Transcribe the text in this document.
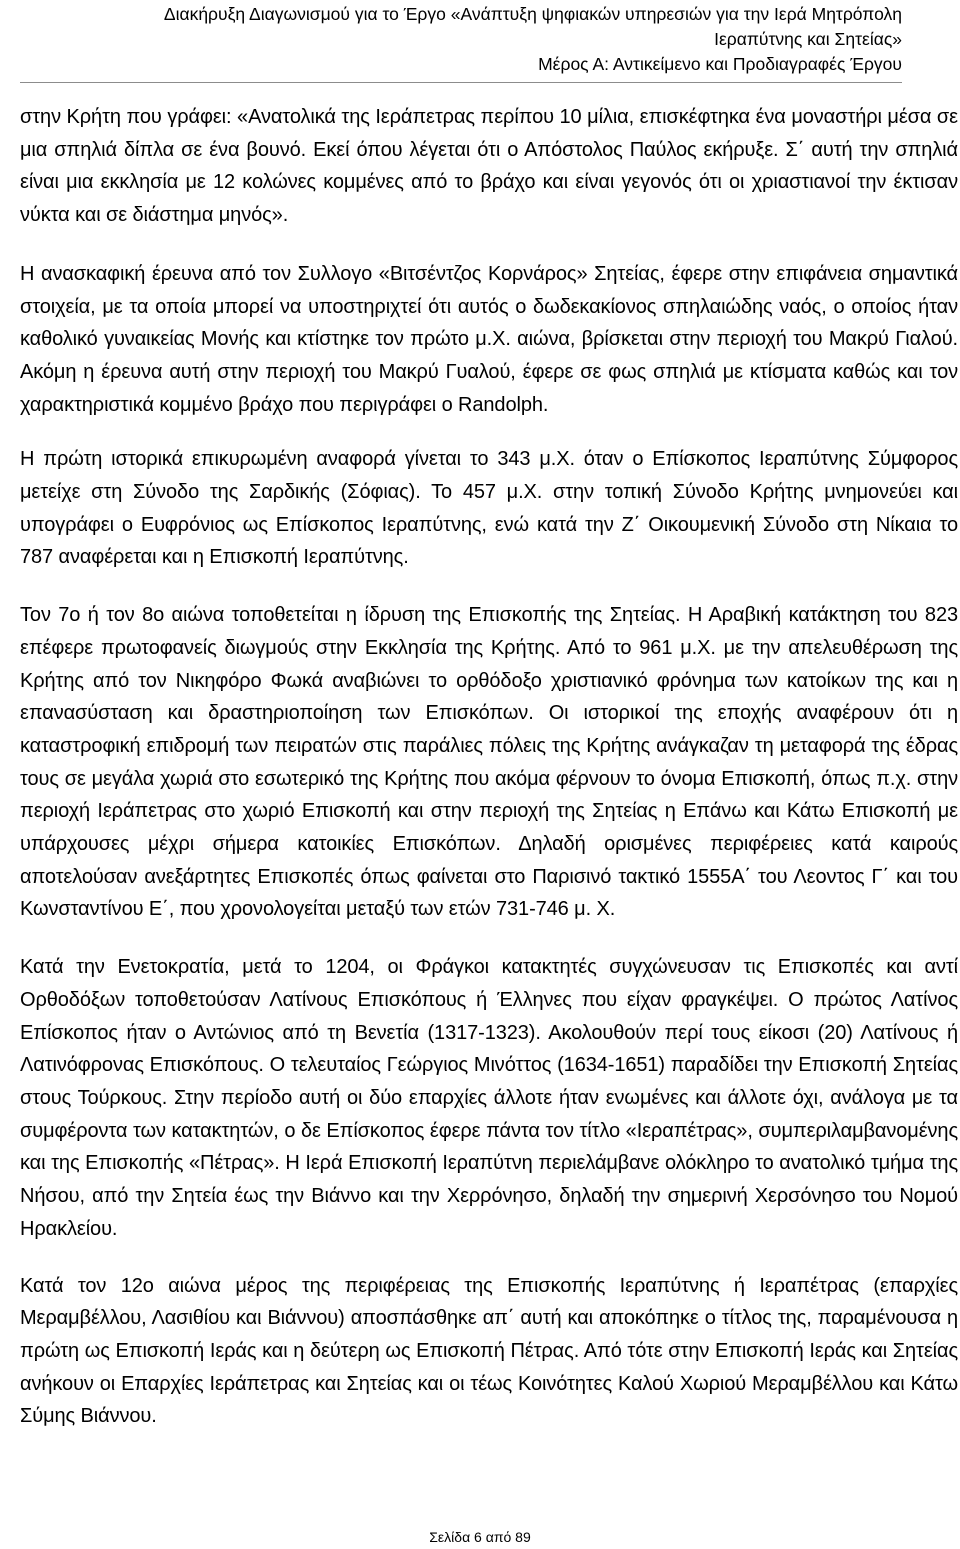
Διακήρυξη Διαγωνισμού για το Έργο «Ανάπτυξη ψηφιακών υπηρεσιών για την Ιερά Μητρόπολη
Ιεραπύτνης και Σητείας»
Μέρος Α: Αντικείμενο και Προδιαγραφές Έργου

στην Κρήτη που γράφει: «Ανατολικά της Ιεράπετρας περίπου 10 μίλια, επισκέφτηκα ένα μοναστήρι μέσα σε μια σπηλιά δίπλα σε ένα βουνό. Εκεί όπου λέγεται ότι ο Απόστολος Παύλος εκήρυξε. Σ΄ αυτή την σπηλιά είναι μια εκκλησία με 12 κολώνες κομμένες από το βράχο και είναι γεγονός ότι οι χριαστιανοί την έκτισαν νύκτα και σε διάστημα μηνός».

Η ανασκαφική έρευνα από τον Συλλογο «Βιτσέντζος Κορνάρος» Σητείας, έφερε στην επιφάνεια σημαντικά στοιχεία, με τα οποία μπορεί να υποστηριχτεί ότι αυτός ο δωδεκακίονος σπηλαιώδης ναός, ο οποίος ήταν καθολικό γυναικείας Μονής και κτίστηκε τον πρώτο μ.Χ. αιώνα, βρίσκεται στην περιοχή του Μακρύ Γιαλού. Ακόμη η έρευνα αυτή στην περιοχή του Μακρύ Γυαλού, έφερε σε φως σπηλιά με κτίσματα καθώς και τον χαρακτηριστικά κομμένο βράχο που περιγράφει ο Randolph.

Η πρώτη ιστορικά επικυρωμένη αναφορά γίνεται το 343 μ.Χ. όταν ο Επίσκοπος Ιεραπύτνης Σύμφορος μετείχε στη Σύνοδο της Σαρδικής (Σόφιας). Το 457 μ.Χ. στην τοπική Σύνοδο Κρήτης μνημονεύει και υπογράφει ο Ευφρόνιος ως Επίσκοπος Ιεραπύτνης, ενώ κατά την Ζ΄ Οικουμενική Σύνοδο στη Νίκαια το 787 αναφέρεται και η Επισκοπή Ιεραπύτνης.

Τον 7ο ή τον 8ο αιώνα τοποθετείται η ίδρυση της Επισκοπής της Σητείας. Η Αραβική κατάκτηση του 823 επέφερε πρωτοφανείς διωγμούς στην Εκκλησία της Κρήτης. Από το 961 μ.Χ. με την απελευθέρωση της Κρήτης από τον Νικηφόρο Φωκά αναβιώνει το ορθόδοξο χριστιανικό φρόνημα των κατοίκων της και η επανασύσταση και δραστηριοποίηση των Επισκόπων. Οι ιστορικοί της εποχής αναφέρουν ότι η καταστροφική επιδρομή των πειρατών στις παράλιες πόλεις της Κρήτης ανάγκαζαν τη μεταφορά της έδρας τους σε μεγάλα χωριά στο εσωτερικό της Κρήτης που ακόμα φέρνουν το όνομα Επισκοπή, όπως π.χ. στην περιοχή Ιεράπετρας στο χωριό Επισκοπή και στην περιοχή της Σητείας η Επάνω και Κάτω Επισκοπή με υπάρχουσες μέχρι σήμερα κατοικίες Επισκόπων. Δηλαδή ορισμένες περιφέρειες κατά καιρούς αποτελούσαν ανεξάρτητες Επισκοπές όπως φαίνεται στο Παρισινό τακτικό 1555Α΄ του Λεοντος Γ΄ και του Κωνσταντίνου Ε΄, που χρονολογείται μεταξύ των ετών 731-746 μ. Χ.

Κατά την Ενετοκρατία, μετά το 1204, οι Φράγκοι κατακτητές συγχώνευσαν τις Επισκοπές και αντί Ορθοδόξων τοποθετούσαν Λατίνους Επισκόπους ή Έλληνες που είχαν φραγκέψει. Ο πρώτος Λατίνος Επίσκοπος ήταν ο Αντώνιος από τη Βενετία (1317-1323). Ακολουθούν περί τους είκοσι (20) Λατίνους ή Λατινόφρονας Επισκόπους. Ο τελευταίος Γεώργιος Μινόττος (1634-1651) παραδίδει την Επισκοπή Σητείας στους Τούρκους. Στην περίοδο αυτή οι δύο επαρχίες άλλοτε ήταν ενωμένες και άλλοτε όχι, ανάλογα με τα συμφέροντα των κατακτητών, ο δε Επίσκοπος έφερε πάντα τον τίτλο «Ιεραπέτρας», συμπεριλαμβανομένης και της Επισκοπής «Πέτρας». Η Ιερά Επισκοπή Ιεραπύτνη περιελάμβανε ολόκληρο το ανατολικό τμήμα της Νήσου, από την Σητεία έως την Βιάννο και την Χερρόνησο, δηλαδή την σημερινή Χερσόνησο του Νομού Ηρακλείου.

Κατά τον 12ο αιώνα μέρος της περιφέρειας της Επισκοπής Ιεραπύτνης ή Ιεραπέτρας (επαρχίες Μεραμβέλλου, Λασιθίου και Βιάννου) αποσπάσθηκε απ΄ αυτή και αποκόπηκε ο τίτλος της, παραμένουσα η πρώτη ως Επισκοπή Ιεράς και η δεύτερη ως Επισκοπή Πέτρας. Από τότε στην Επισκοπή Ιεράς και Σητείας ανήκουν οι Επαρχίες Ιεράπετρας και Σητείας και οι τέως Κοινότητες Καλού Χωριού Μεραμβέλλου και Κάτω Σύμης Βιάννου.

Σελίδα 6 από 89
